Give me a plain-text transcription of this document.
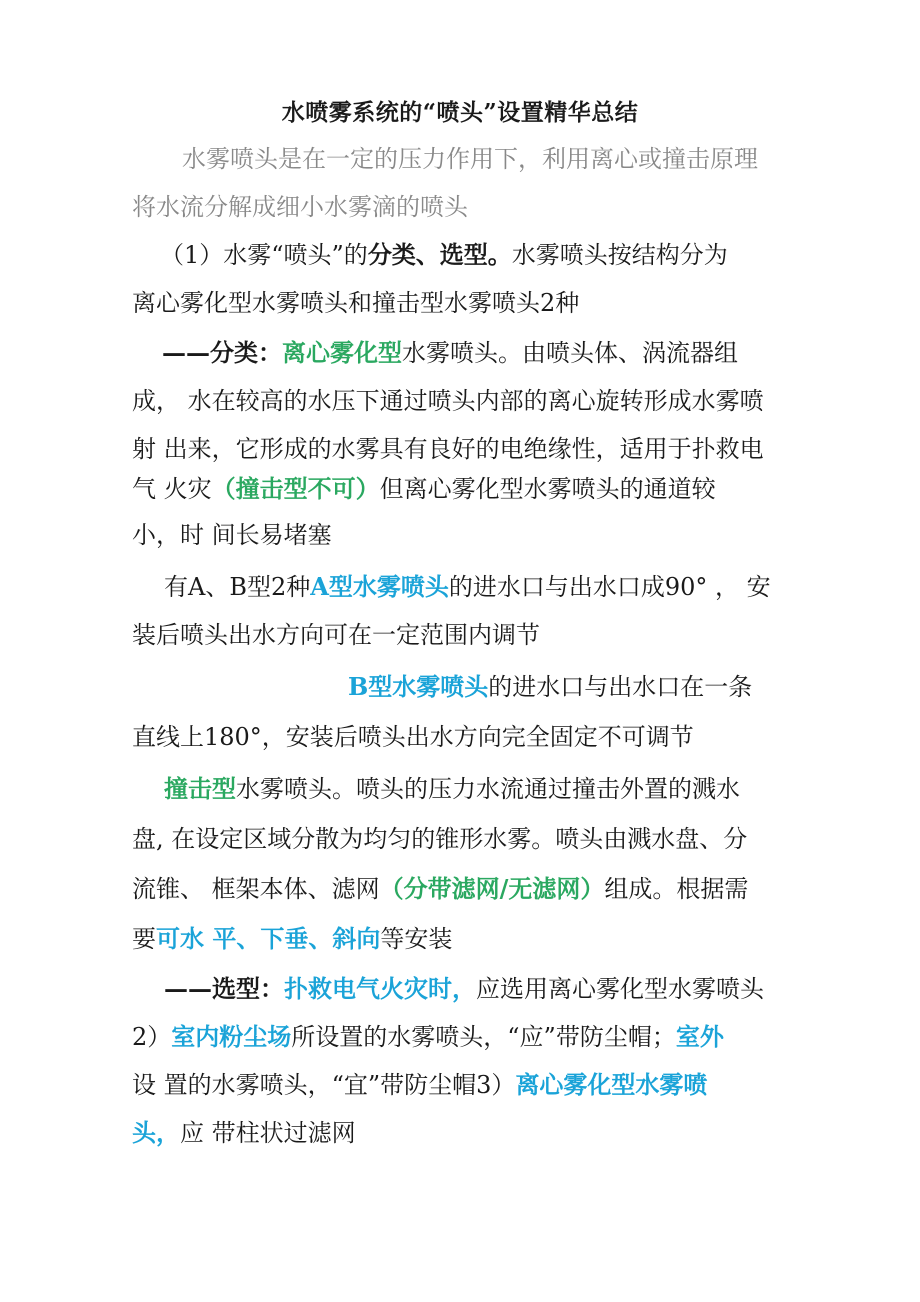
水喷雾系统的“喷头”设置精华总结
水雾喷头是在一定的压力作用下，利用离心或撞击原理
将水流分解成细小水雾滴的喷头
（1）水雾“喷头”的分类、选型。水雾喷头按结构分为
离心雾化型水雾喷头和撞击型水雾喷头2种
——分类：离心雾化型水雾喷头。由喷头体、涡流器组
成， 水在较高的水压下通过喷头内部的离心旋转形成水雾喷
射 出来，它形成的水雾具有良好的电绝缘性，适用于扑救电
气 火灾（撞击型不可）但离心雾化型水雾喷头的通道较
小，时 间长易堵塞
有A、B型2种A型水雾喷头的进水口与出水口成90° ， 安
装后喷头出水方向可在一定范围内调节
B型水雾喷头的进水口与出水口在一条
直线上180°，安装后喷头出水方向完全固定不可调节
撞击型水雾喷头。喷头的压力水流通过撞击外置的溅水
盘, 在设定区域分散为均匀的锥形水雾。喷头由溅水盘、分
流锥、 框架本体、滤网（分带滤网/无滤网）组成。根据需
要可水 平、下垂、斜向等安装
——选型：扑救电气火灾时，应选用离心雾化型水雾喷头
2）室内粉尘场所设置的水雾喷头，“应”带防尘帽；室外
设 置的水雾喷头，“宜”带防尘帽3）离心雾化型水雾喷
头，应 带柱状过滤网
